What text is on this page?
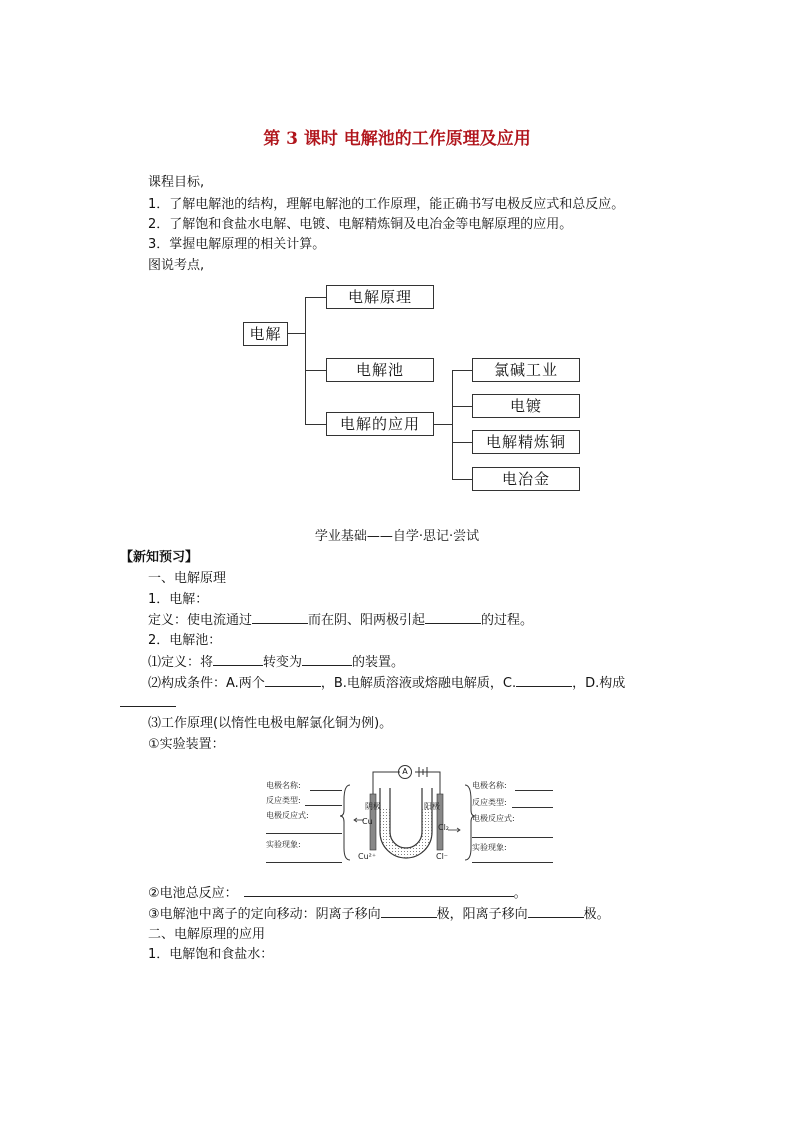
第 3 课时 电解池的工作原理及应用
课程目标,
1．了解电解池的结构，理解电解池的工作原理，能正确书写电极反应式和总反应。
2．了解饱和食盐水电解、电镀、电解精炼铜及电冶金等电解原理的应用。
3．掌握电解原理的相关计算。
图说考点,
电解
电解原理
电解池
电解的应用
氯碱工业
电镀
电解精炼铜
电冶金
学业基础——自学·思记·尝试
【新知预习】
一、电解原理
1．电解：
定义：使电流通过	而在阴、阳两极引起	的过程。
2．电解池：
⑴定义：将	转变为	的装置。
⑵构成条件：A.两个	，B.电解质溶液或熔融电解质，C.	，D.构成
⑶工作原理(以惰性电极电解氯化铜为例)。
①实验装置：
电极名称:
反应类型:
电极反应式:
实验现象:
电极名称:
反应类型:
电极反应式:
实验现象:
A
阴极	阳极
Cu
Cl₂
Cu²⁺	Cl⁻
②电池总反应：	。
③电解池中离子的定向移动：阴离子移向	极，阳离子移向	极。
二、电解原理的应用
1．电解饱和食盐水：
